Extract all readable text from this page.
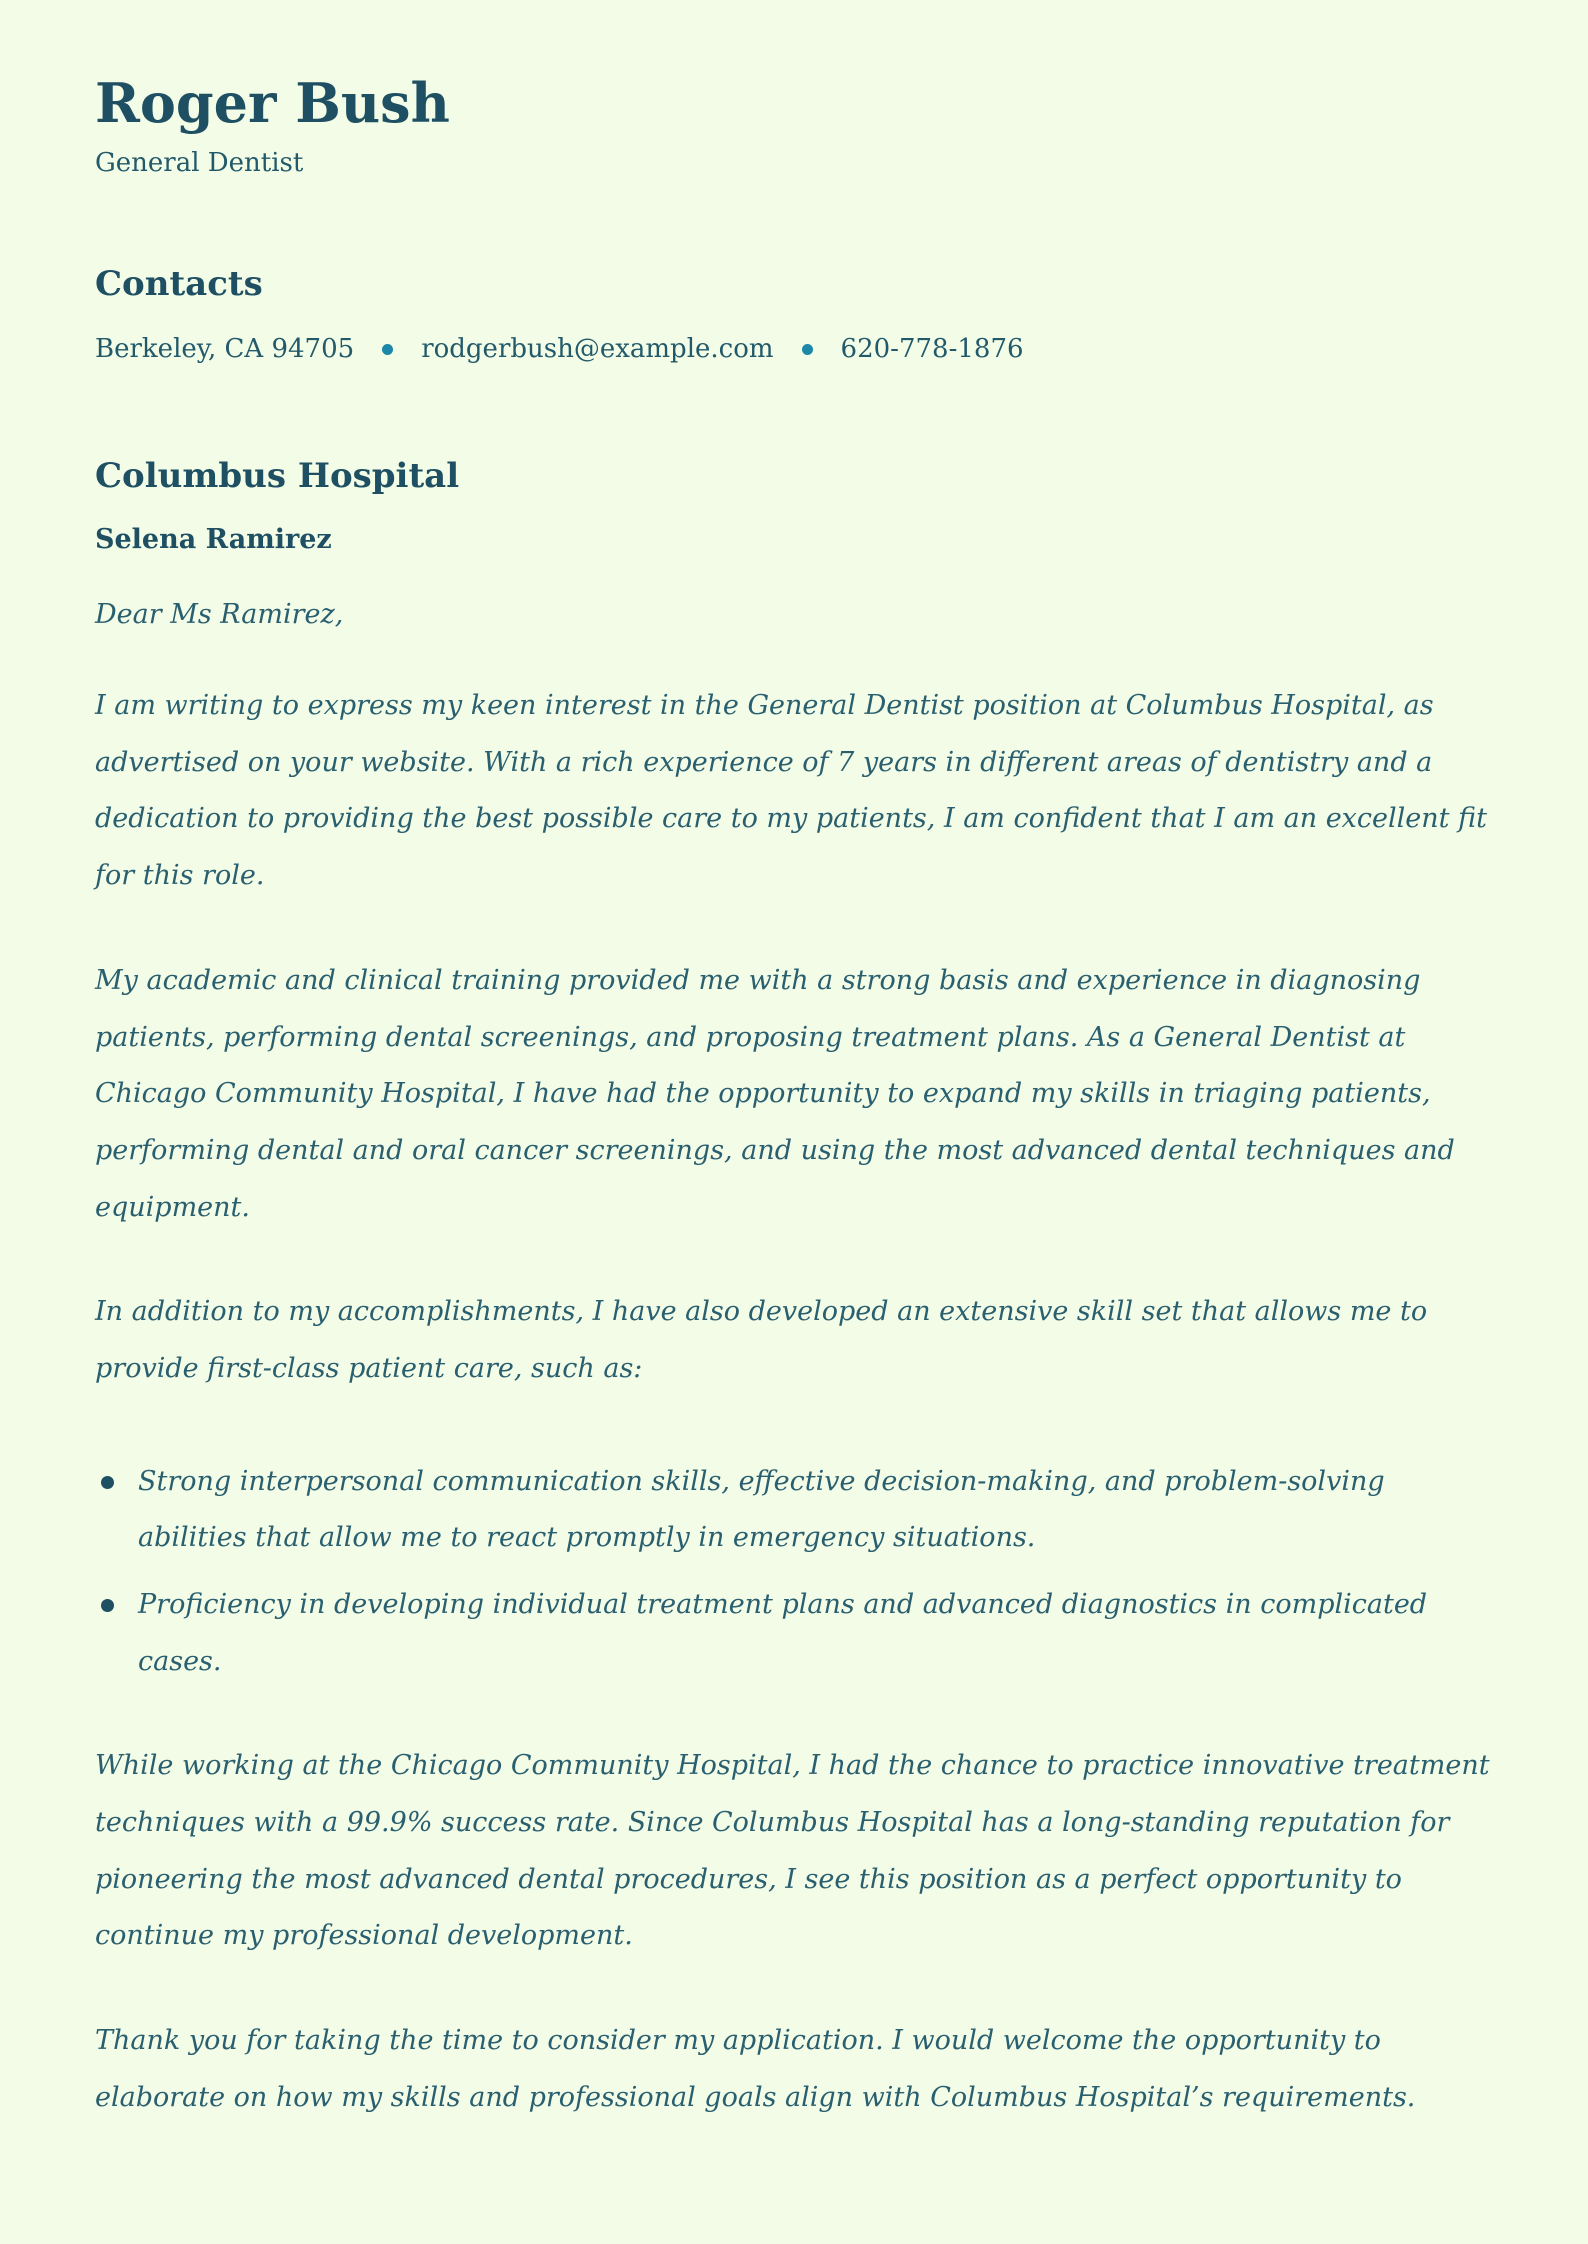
Roger Bush
General Dentist
Contacts
Berkeley, CA 94705	rodgerbush@example.com	620-778-1876
Columbus Hospital
Selena Ramirez

Dear Ms Ramirez,

I am writing to express my keen interest in the General Dentist position at Columbus Hospital, as advertised on your website. With a rich experience of 7 years in different areas of dentistry and a dedication to providing the best possible care to my patients, I am confident that I am an excellent fit for this role.

My academic and clinical training provided me with a strong basis and experience in diagnosing patients, performing dental screenings, and proposing treatment plans. As a General Dentist at Chicago Community Hospital, I have had the opportunity to expand my skills in triaging patients, performing dental and oral cancer screenings, and using the most advanced dental techniques and equipment.

In addition to my accomplishments, I have also developed an extensive skill set that allows me to provide first-class patient care, such as:

Strong interpersonal communication skills, effective decision-making, and problem-solving abilities that allow me to react promptly in emergency situations.
Proficiency in developing individual treatment plans and advanced diagnostics in complicated cases.

While working at the Chicago Community Hospital, I had the chance to practice innovative treatment techniques with a 99.9% success rate. Since Columbus Hospital has a long-standing reputation for pioneering the most advanced dental procedures, I see this position as a perfect opportunity to continue my professional development.

Thank you for taking the time to consider my application. I would welcome the opportunity to elaborate on how my skills and professional goals align with Columbus Hospital’s requirements.
